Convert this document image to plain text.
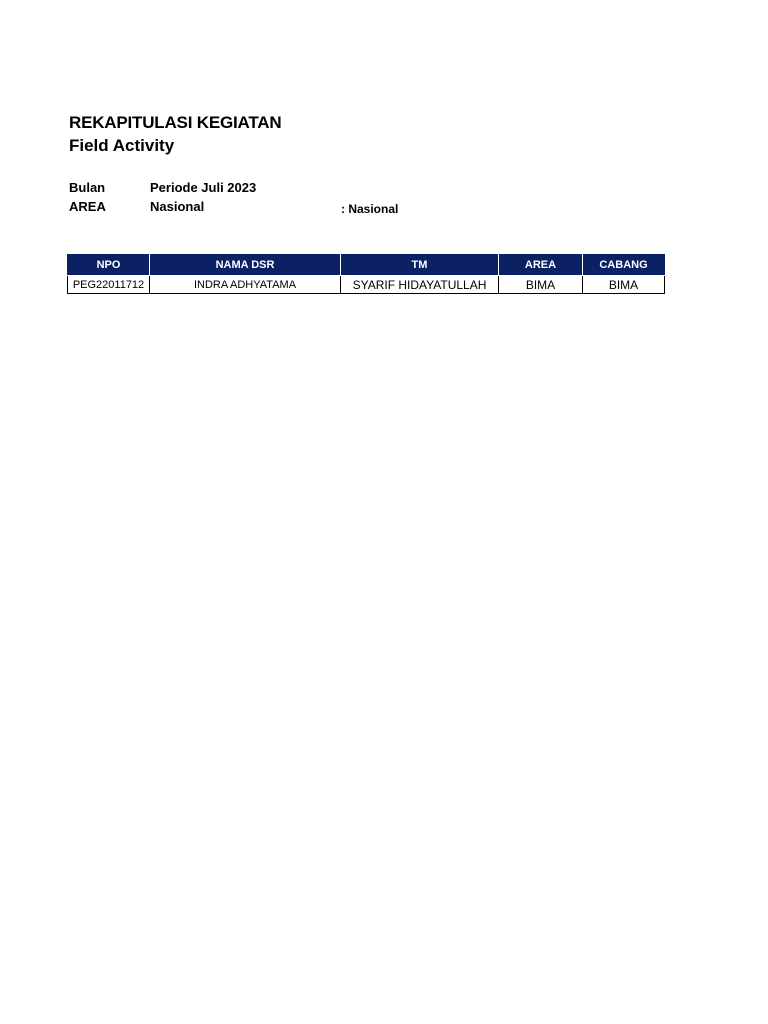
REKAPITULASI KEGIATAN
Field Activity
Bulan	Periode Juli 2023
AREA	Nasional	: Nasional
NPO	NAMA DSR	TM	AREA	CABANG
PEG22011712	INDRA ADHYATAMA	SYARIF HIDAYATULLAH	BIMA	BIMA
